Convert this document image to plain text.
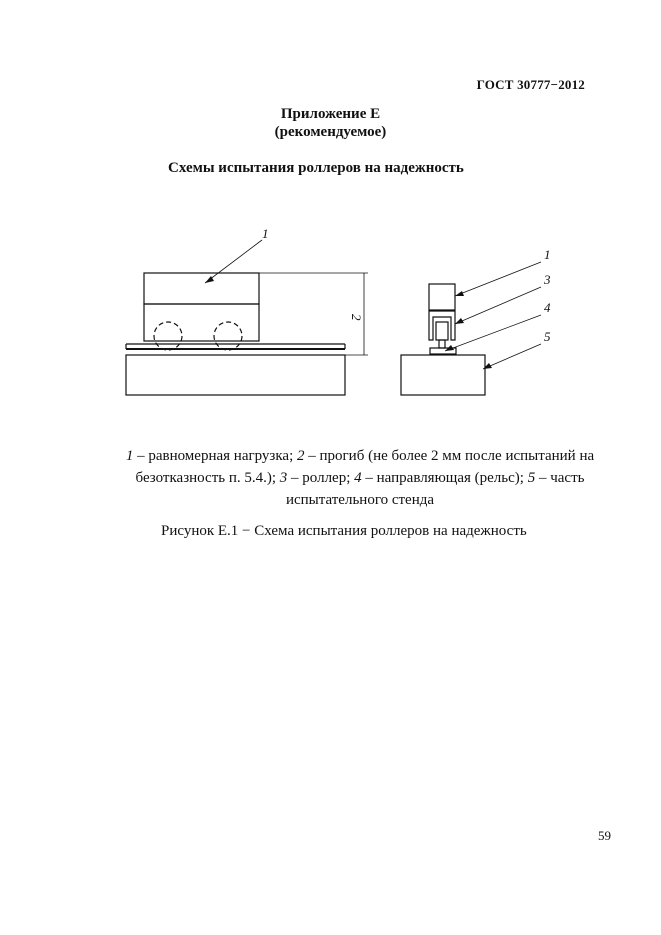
ГОСТ 30777−2012
Приложение Е
(рекомендуемое)
Схемы испытания роллеров на надежность
1
2
1
3
4
5
1 – равномерная нагрузка; 2 – прогиб (не более 2 мм после испытаний на безотказность п. 5.4.); 3 – роллер; 4 – направляющая (рельс); 5 – часть испытательного стенда
Рисунок Е.1 − Схема испытания роллеров на надежность
59
